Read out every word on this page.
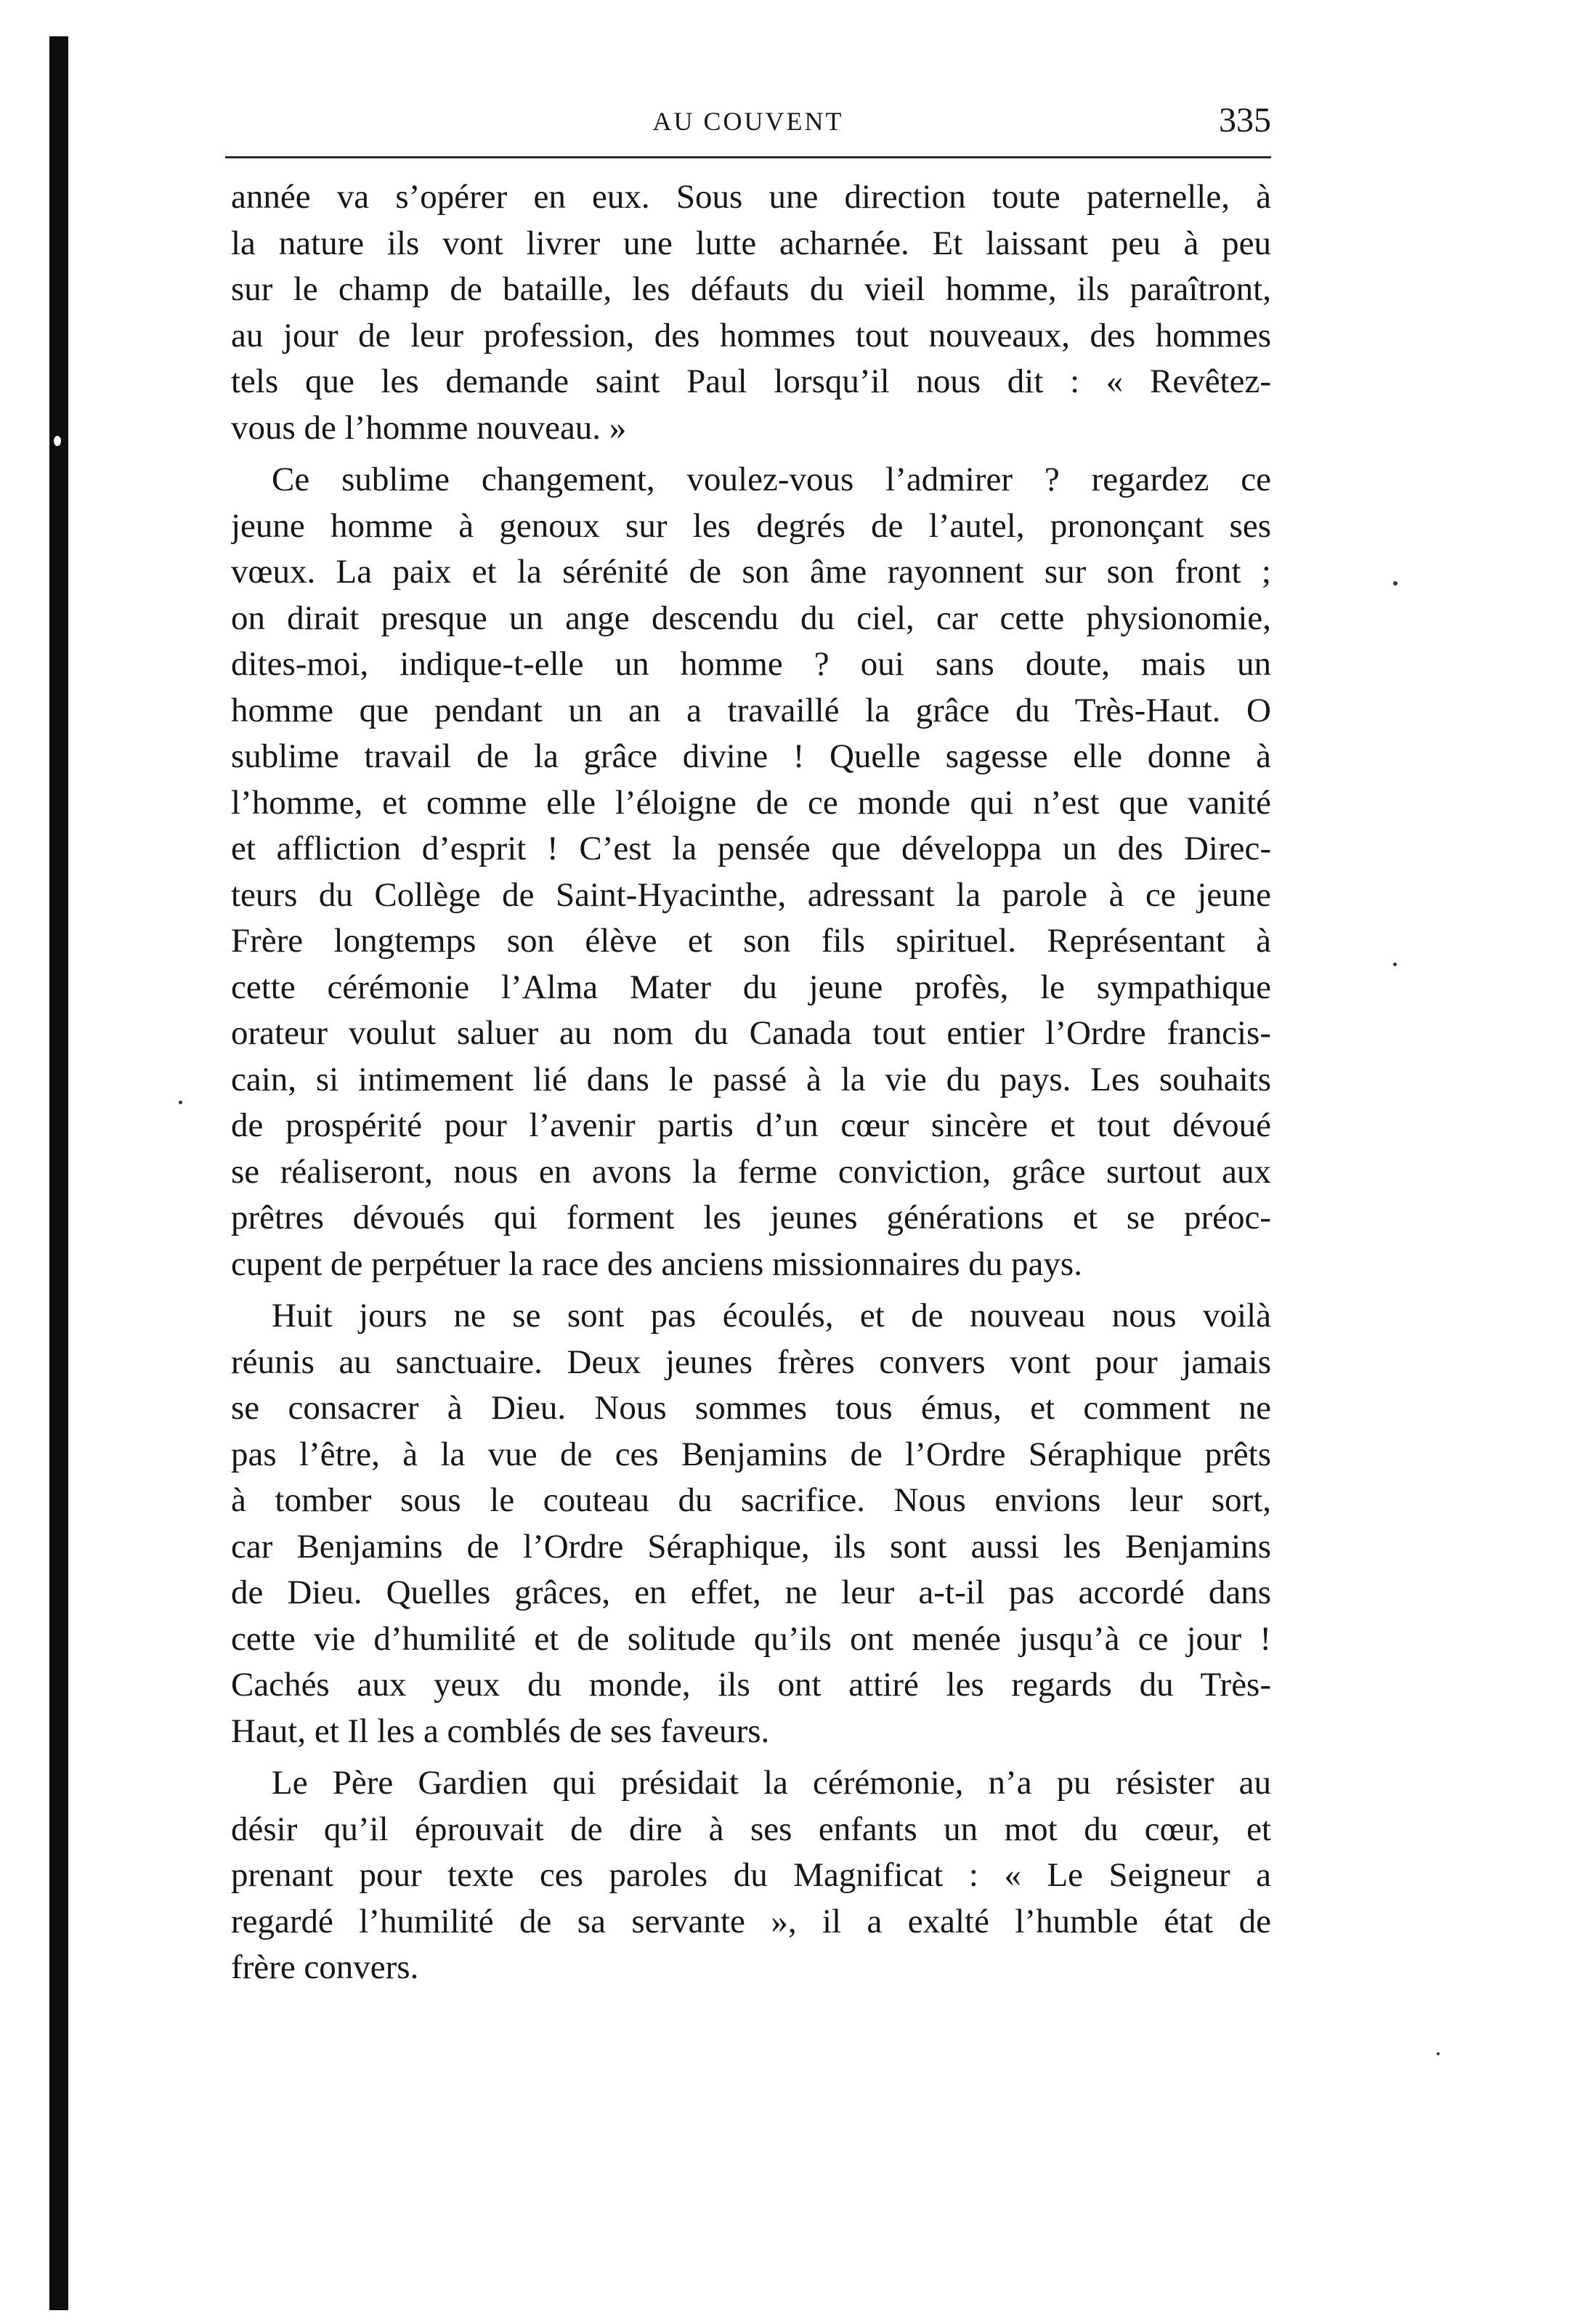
AU COUVENT	335
année va s’opérer en eux. Sous une direction toute paternelle, à
la nature ils vont livrer une lutte acharnée. Et laissant peu à peu
sur le champ de bataille, les défauts du vieil homme, ils paraîtront,
au jour de leur profession, des hommes tout nouveaux, des hommes
tels que les demande saint Paul lorsqu’il nous dit : « Revêtez-
vous de l’homme nouveau. »
Ce sublime changement, voulez-vous l’admirer ? regardez ce
jeune homme à genoux sur les degrés de l’autel, prononçant ses
vœux. La paix et la sérénité de son âme rayonnent sur son front ;
on dirait presque un ange descendu du ciel, car cette physionomie,
dites-moi, indique-t-elle un homme ? oui sans doute, mais un
homme que pendant un an a travaillé la grâce du Très-Haut. O
sublime travail de la grâce divine ! Quelle sagesse elle donne à
l’homme, et comme elle l’éloigne de ce monde qui n’est que vanité
et affliction d’esprit ! C’est la pensée que développa un des Direc-
teurs du Collège de Saint-Hyacinthe, adressant la parole à ce jeune
Frère longtemps son élève et son fils spirituel. Représentant à
cette cérémonie l’Alma Mater du jeune profès, le sympathique
orateur voulut saluer au nom du Canada tout entier l’Ordre francis-
cain, si intimement lié dans le passé à la vie du pays. Les souhaits
de prospérité pour l’avenir partis d’un cœur sincère et tout dévoué
se réaliseront, nous en avons la ferme conviction, grâce surtout aux
prêtres dévoués qui forment les jeunes générations et se préoc-
cupent de perpétuer la race des anciens missionnaires du pays.
Huit jours ne se sont pas écoulés, et de nouveau nous voilà
réunis au sanctuaire. Deux jeunes frères convers vont pour jamais
se consacrer à Dieu. Nous sommes tous émus, et comment ne
pas l’être, à la vue de ces Benjamins de l’Ordre Séraphique prêts
à tomber sous le couteau du sacrifice. Nous envions leur sort,
car Benjamins de l’Ordre Séraphique, ils sont aussi les Benjamins
de Dieu. Quelles grâces, en effet, ne leur a-t-il pas accordé dans
cette vie d’humilité et de solitude qu’ils ont menée jusqu’à ce jour !
Cachés aux yeux du monde, ils ont attiré les regards du Très-
Haut, et Il les a comblés de ses faveurs.
Le Père Gardien qui présidait la cérémonie, n’a pu résister au
désir qu’il éprouvait de dire à ses enfants un mot du cœur, et
prenant pour texte ces paroles du Magnificat : « Le Seigneur a
regardé l’humilité de sa servante », il a exalté l’humble état de
frère convers.
